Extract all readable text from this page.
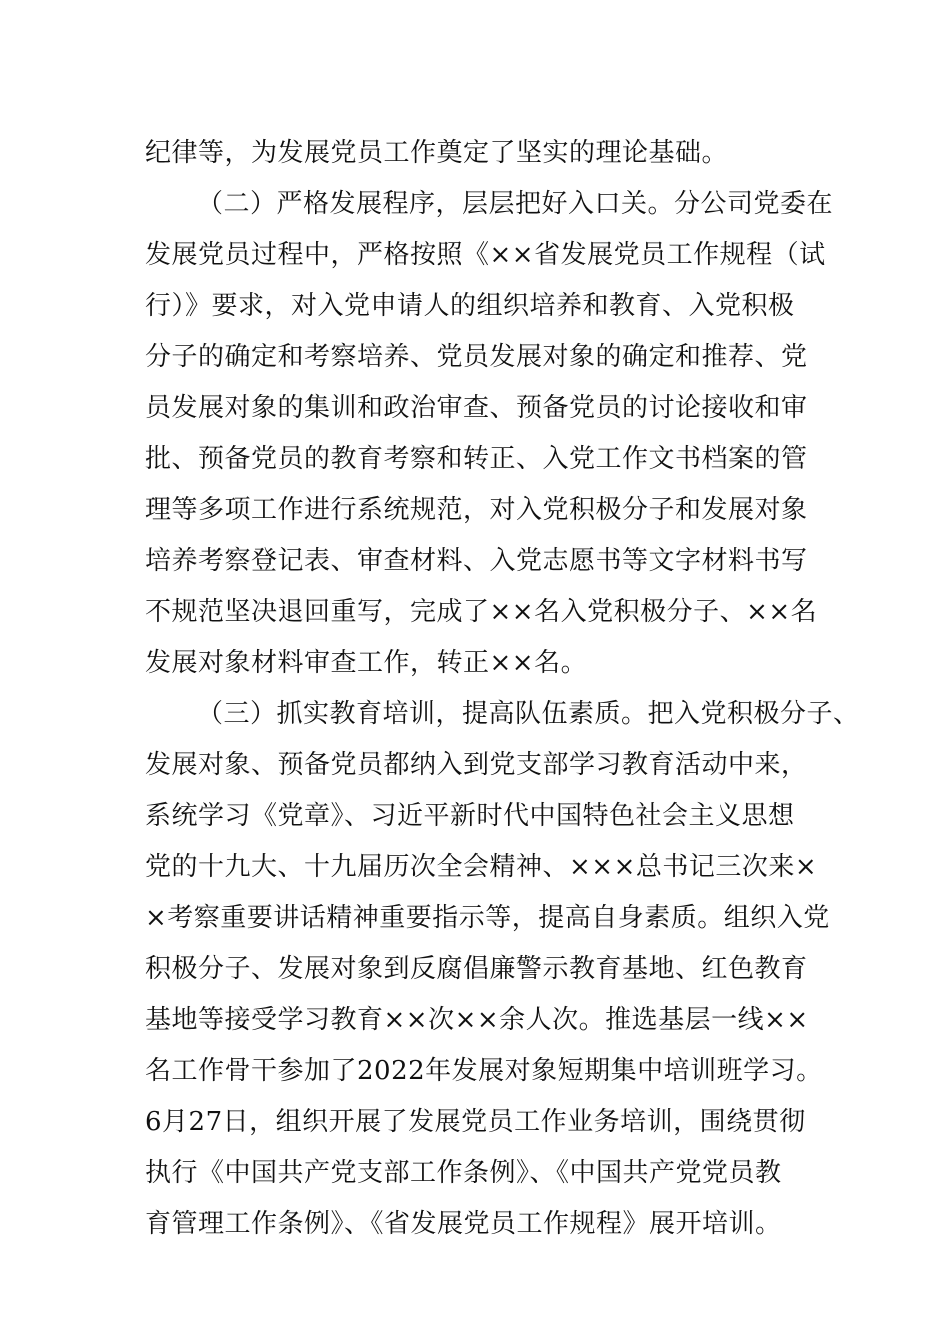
纪律等，为发展党员工作奠定了坚实的理论基础。
（二）严格发展程序，层层把好入口关。分公司党委在
发展党员过程中，严格按照《××省发展党员工作规程（试
行）》要求，对入党申请人的组织培养和教育、入党积极
分子的确定和考察培养、党员发展对象的确定和推荐、党
员发展对象的集训和政治审查、预备党员的讨论接收和审
批、预备党员的教育考察和转正、入党工作文书档案的管
理等多项工作进行系统规范，对入党积极分子和发展对象
培养考察登记表、审查材料、入党志愿书等文字材料书写
不规范坚决退回重写，完成了××名入党积极分子、××名
发展对象材料审查工作，转正××名。
（三）抓实教育培训，提高队伍素质。把入党积极分子、
发展对象、预备党员都纳入到党支部学习教育活动中来，
系统学习《党章》、习近平新时代中国特色社会主义思想
党的十九大、十九届历次全会精神、×××总书记三次来×
×考察重要讲话精神重要指示等，提高自身素质。组织入党
积极分子、发展对象到反腐倡廉警示教育基地、红色教育
基地等接受学习教育××次××余人次。推选基层一线××
名工作骨干参加了2022年发展对象短期集中培训班学习。
6月27日，组织开展了发展党员工作业务培训，围绕贯彻
执行《中国共产党支部工作条例》、《中国共产党党员教
育管理工作条例》、《省发展党员工作规程》展开培训。
